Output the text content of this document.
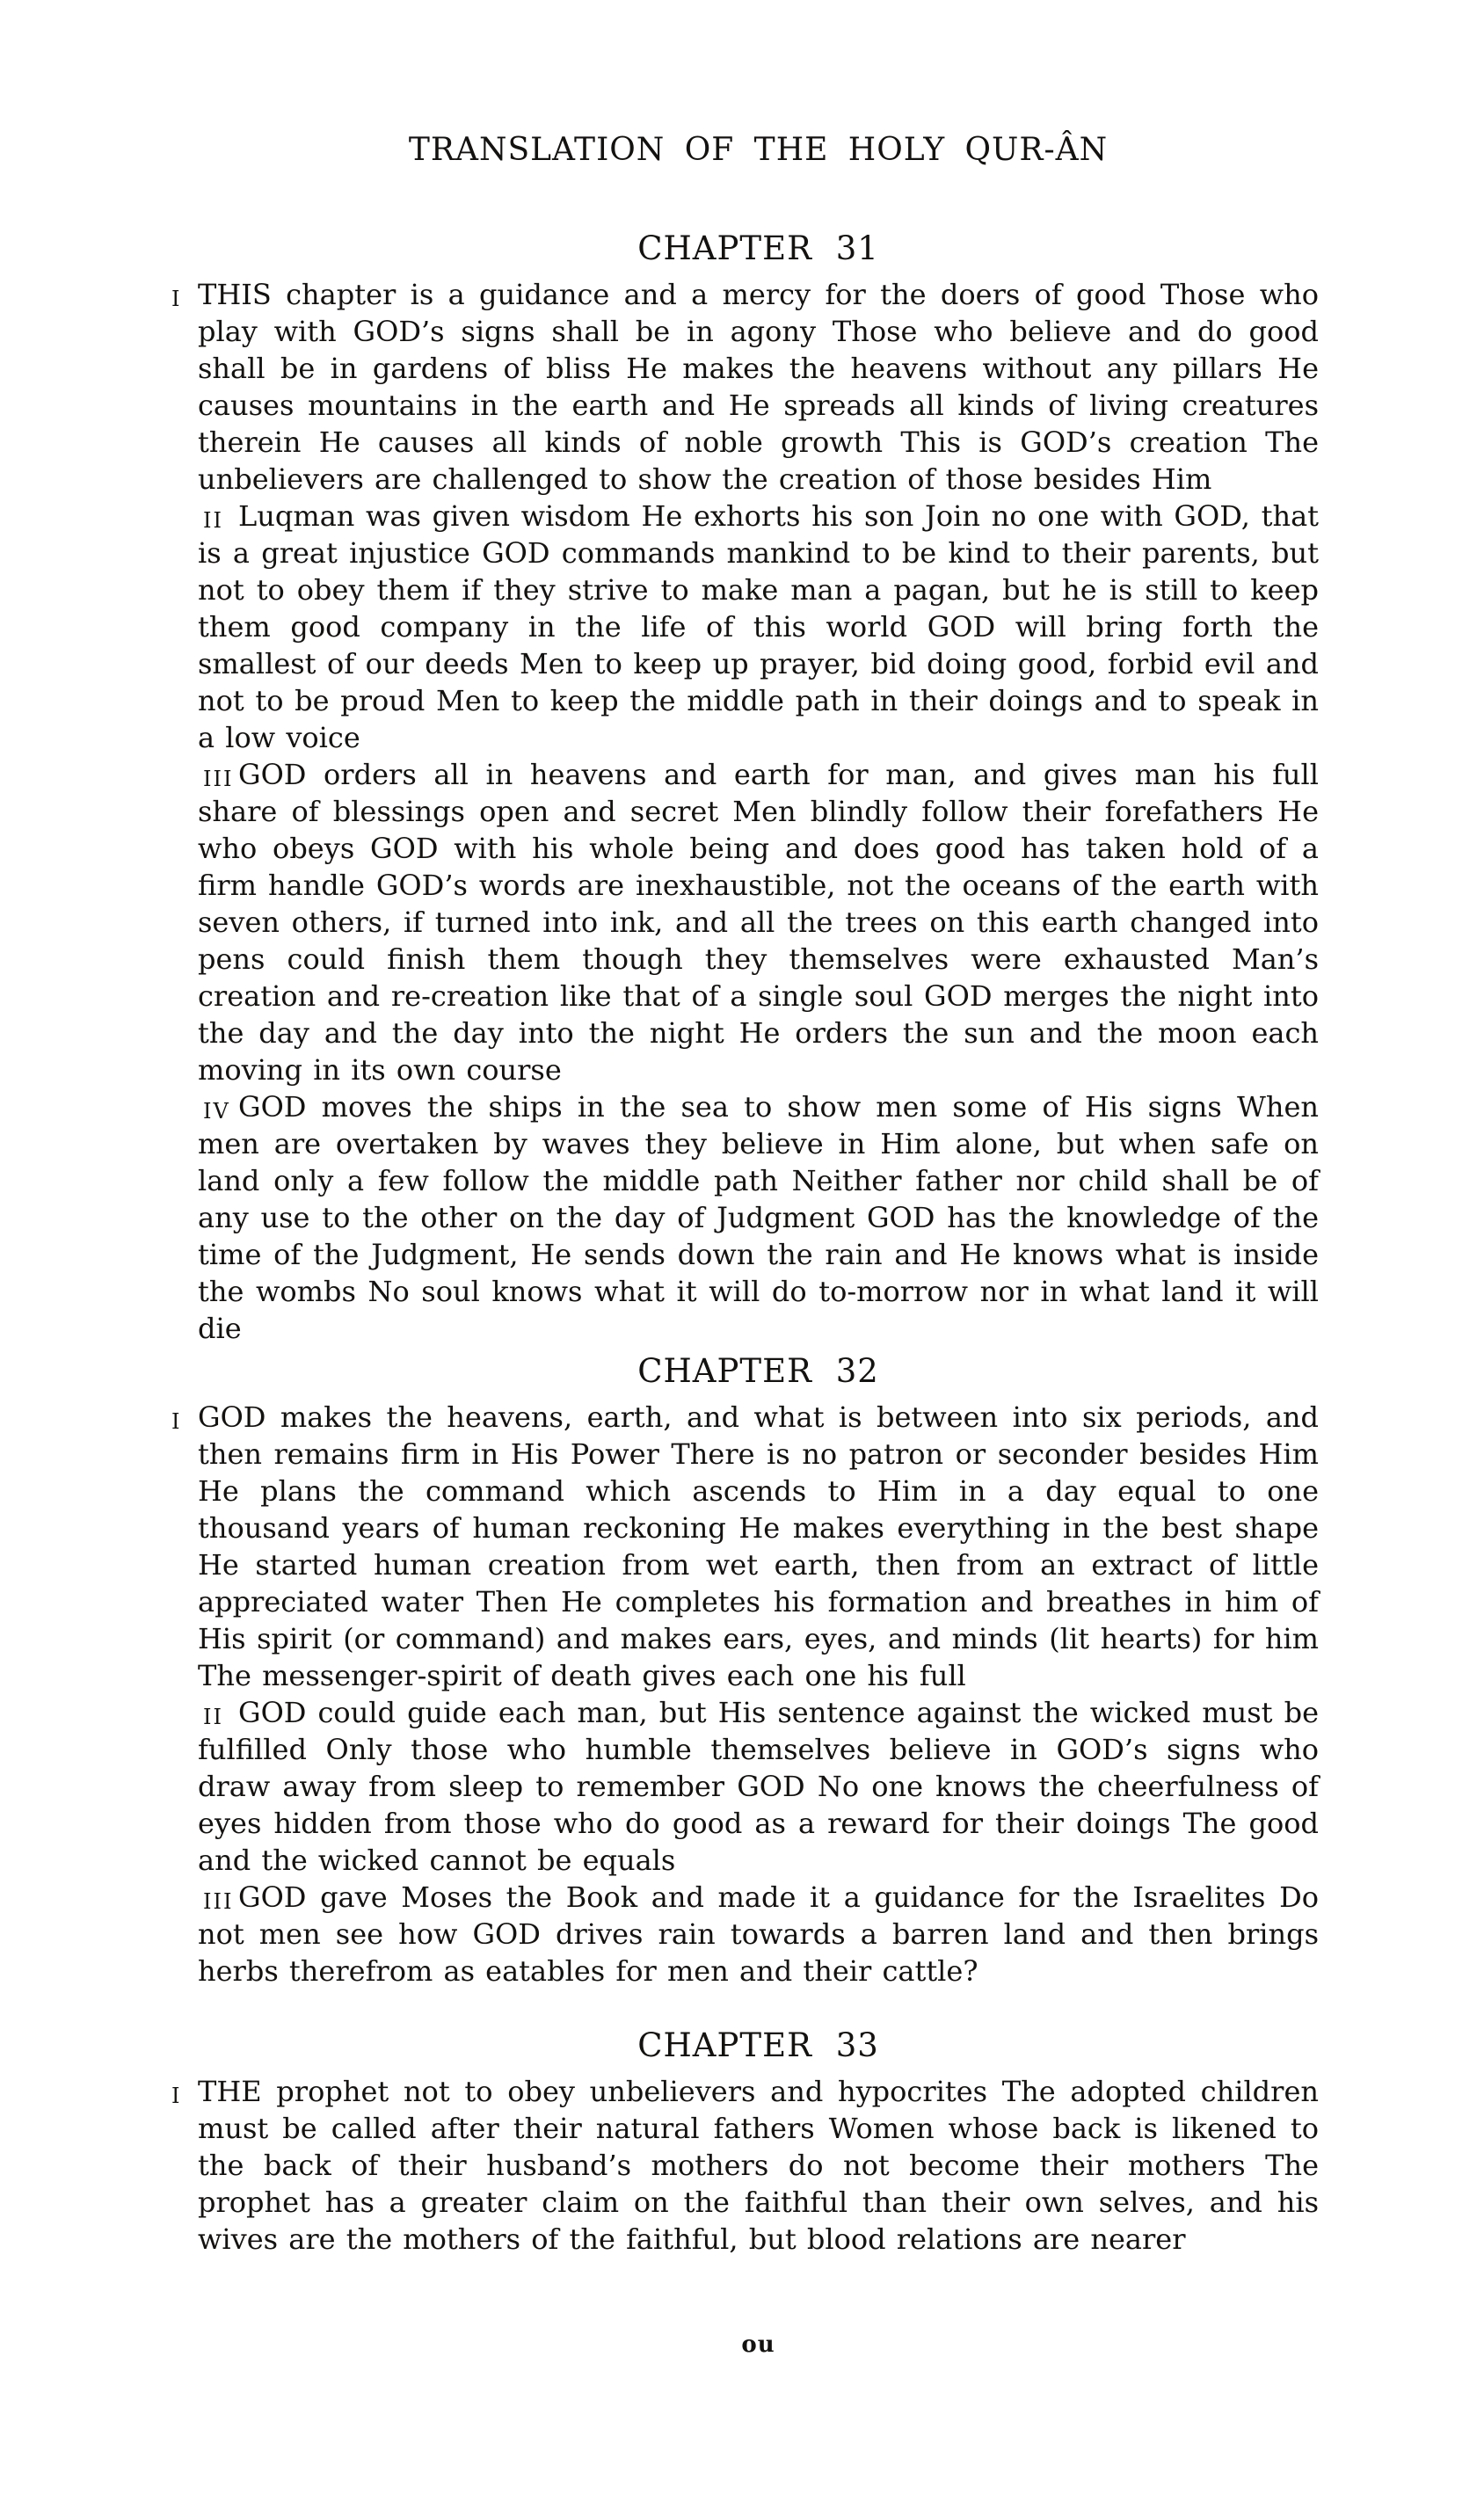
TRANSLATION OF THE HOLY QUR-ÂN
CHAPTER 31

I THIS chapter is a guidance and a mercy for the doers of good Those who play with GOD’s signs shall be in agony Those who believe and do good shall be in gardens of bliss He makes the heavens without any pillars He causes mountains in the earth and He spreads all kinds of living creatures therein He causes all kinds of noble growth This is GOD’s creation The unbelievers are challenged to show the creation of those besides Him

II Luqman was given wisdom He exhorts his son Join no one with GOD, that is a great injustice GOD commands mankind to be kind to their parents, but not to obey them if they strive to make man a pagan, but he is still to keep them good company in the life of this world GOD will bring forth the smallest of our deeds Men to keep up prayer, bid doing good, forbid evil and not to be proud Men to keep the middle path in their doings and to speak in a low voice

III GOD orders all in heavens and earth for man, and gives man his full share of blessings open and secret Men blindly follow their forefathers He who obeys GOD with his whole being and does good has taken hold of a firm handle GOD’s words are inexhaustible, not the oceans of the earth with seven others, if turned into ink, and all the trees on this earth changed into pens could finish them though they themselves were exhausted Man’s creation and re-creation like that of a single soul GOD merges the night into the day and the day into the night He orders the sun and the moon each moving in its own course

IV GOD moves the ships in the sea to show men some of His signs When men are overtaken by waves they believe in Him alone, but when safe on land only a few follow the middle path Neither father nor child shall be of any use to the other on the day of Judgment GOD has the knowledge of the time of the Judgment, He sends down the rain and He knows what is inside the wombs No soul knows what it will do to-morrow nor in what land it will die

CHAPTER 32

I GOD makes the heavens, earth, and what is between into six periods, and then remains firm in His Power There is no patron or seconder besides Him He plans the command which ascends to Him in a day equal to one thousand years of human reckoning He makes everything in the best shape He started human creation from wet earth, then from an extract of little appreciated water Then He completes his formation and breathes in him of His spirit (or command) and makes ears, eyes, and minds (lit hearts) for him The messenger-spirit of death gives each one his full

II GOD could guide each man, but His sentence against the wicked must be fulfilled Only those who humble themselves believe in GOD’s signs who draw away from sleep to remember GOD No one knows the cheerfulness of eyes hidden from those who do good as a reward for their doings The good and the wicked cannot be equals

III GOD gave Moses the Book and made it a guidance for the Israelites Do not men see how GOD drives rain towards a barren land and then brings herbs therefrom as eatables for men and their cattle?

CHAPTER 33

I THE prophet not to obey unbelievers and hypocrites The adopted children must be called after their natural fathers Women whose back is likened to the back of their husband’s mothers do not become their mothers The prophet has a greater claim on the faithful than their own selves, and his wives are the mothers of the faithful, but blood relations are nearer

ou
